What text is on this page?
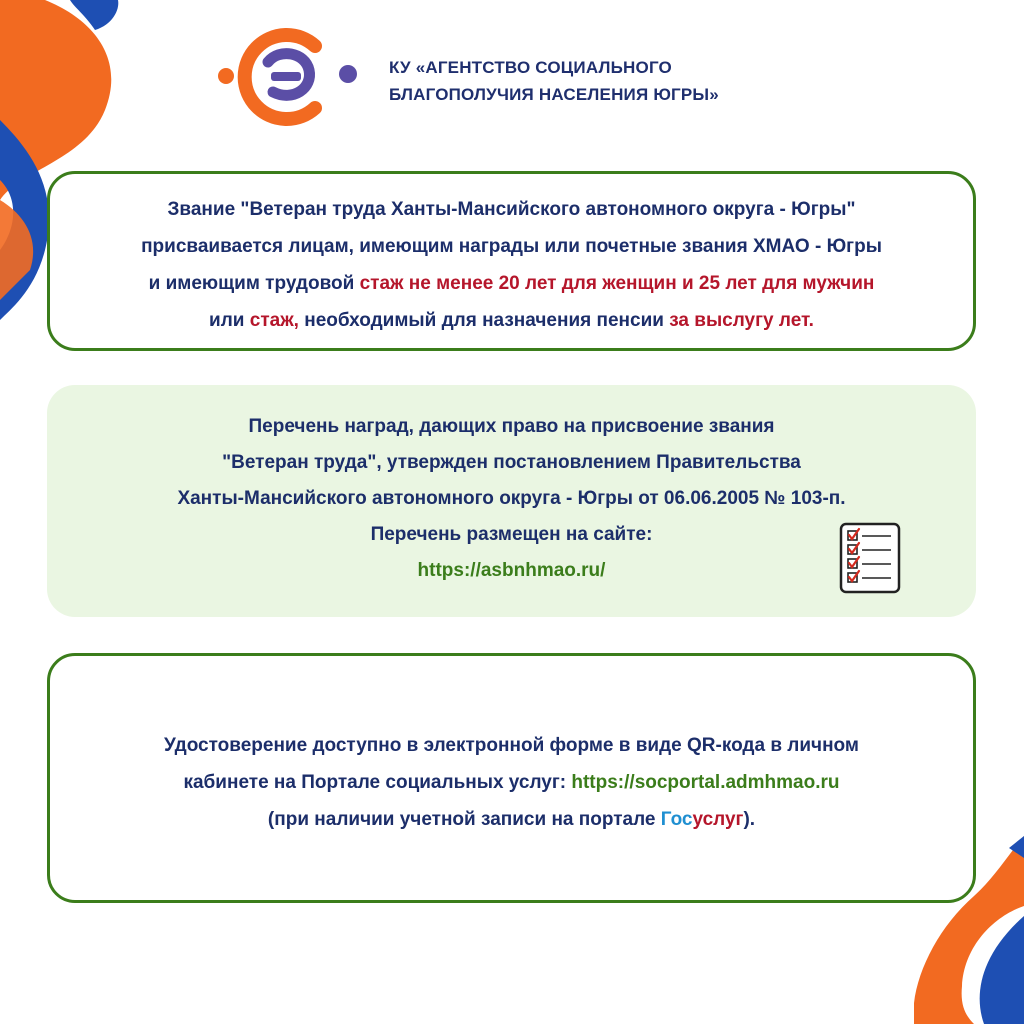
КУ «АГЕНТСТВО СОЦИАЛЬНОГО
БЛАГОПОЛУЧИЯ НАСЕЛЕНИЯ ЮГРЫ»
Звание "Ветеран труда Ханты-Мансийского автономного округа - Югры"
присваивается лицам, имеющим награды или почетные звания ХМАО - Югры
и имеющим трудовой стаж не менее 20 лет для женщин и 25 лет для мужчин
или стаж, необходимый для назначения пенсии за выслугу лет.
Перечень наград, дающих право на присвоение звания
"Ветеран труда", утвержден постановлением Правительства
Ханты-Мансийского автономного округа - Югры от 06.06.2005 № 103-п.
Перечень размещен на сайте:
https://asbnhmao.ru/
Удостоверение доступно в электронной форме в виде QR-кода в личном
кабинете на Портале социальных услуг: https://socportal.admhmao.ru
(при наличии учетной записи на портале Госуслуг).
